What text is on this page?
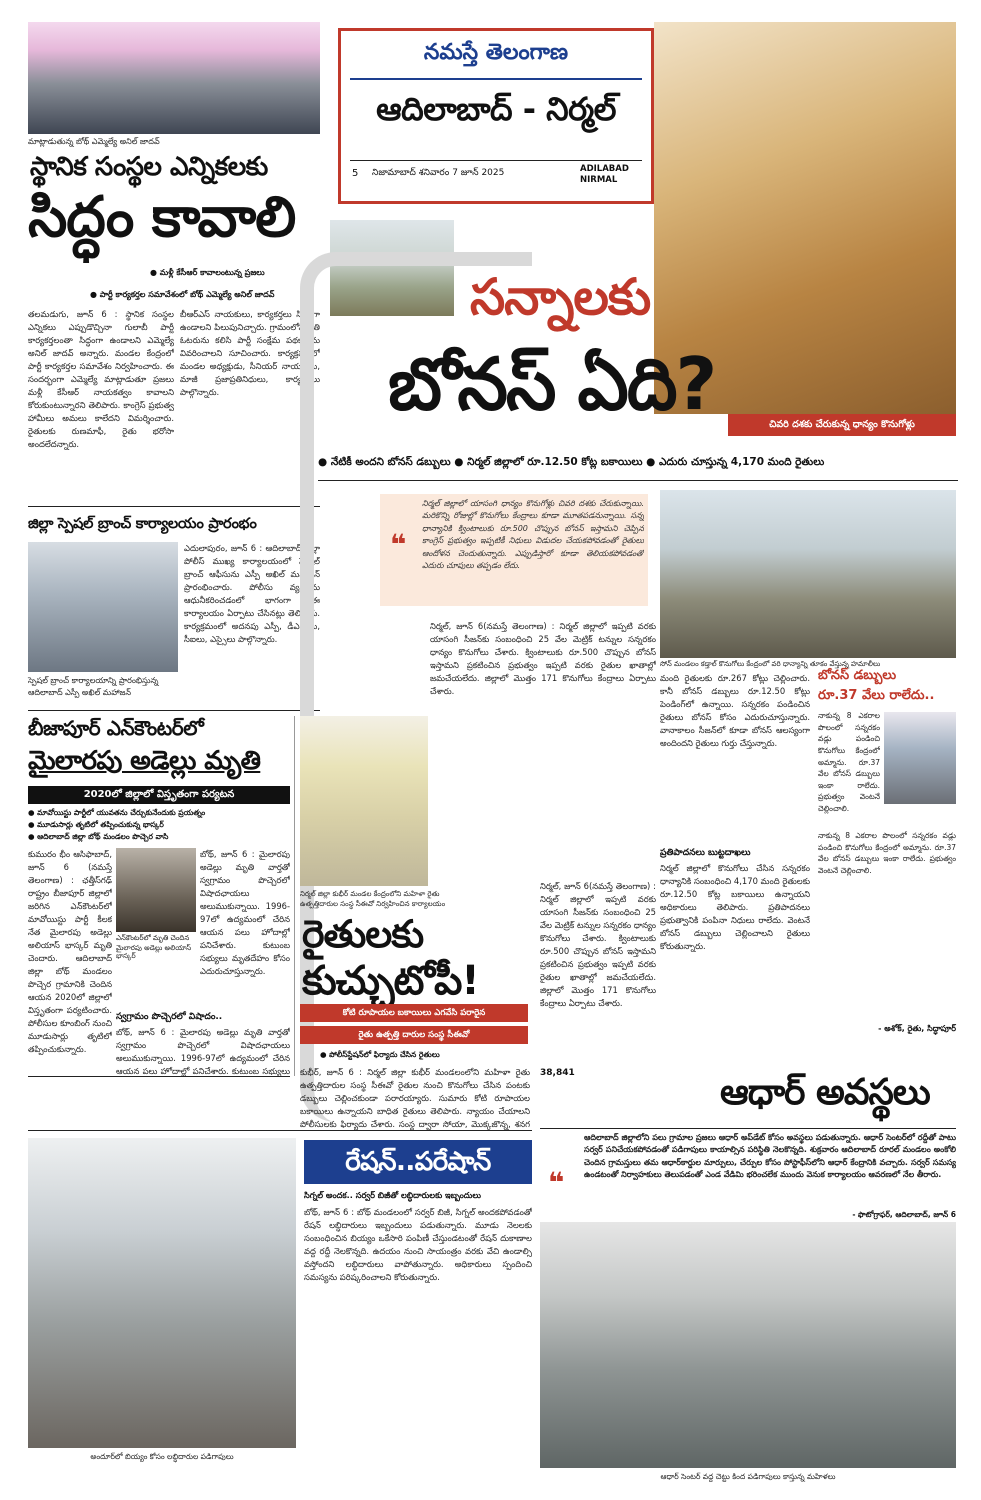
మాట్లాడుతున్న బోథ్ ఎమ్మెల్యే అనిల్ జాదవ్
స్థానిక సంస్థల ఎన్నికలకు
సిద్ధం కావాలి
● మళ్లీ కేసీఆర్ కావాలంటున్న ప్రజలు
● పార్టీ కార్యకర్తల సమావేశంలో బోథ్ ఎమ్మెల్యే అనిల్ జాదవ్
తలమడుగు, జూన్ 6 : స్థానిక సంస్థల ఎన్నికలు ఎప్పుడొచ్చినా గులాబీ పార్టీ కార్యకర్తలంతా సిద్ధంగా ఉండాలని ఎమ్మెల్యే అనిల్ జాదవ్ అన్నారు. మండల కేంద్రంలో పార్టీ కార్యకర్తల సమావేశం నిర్వహించారు. ఈ సందర్భంగా ఎమ్మెల్యే మాట్లాడుతూ ప్రజలు మళ్లీ కేసీఆర్ నాయకత్వం కావాలని కోరుకుంటున్నారని తెలిపారు. కాంగ్రెస్ ప్రభుత్వ హామీలు అమలు కాలేదని విమర్శించారు. రైతులకు రుణమాఫీ, రైతు భరోసా అందలేదన్నారు.
బీఆర్ఎస్ నాయకులు, కార్యకర్తలు సిద్ధంగా ఉండాలని పిలుపునిచ్చారు. గ్రామంలోని ప్రతి ఓటరును కలిసి పార్టీ సంక్షేమ పథకాలను వివరించాలని సూచించారు. కార్యక్రమంలో మండల అధ్యక్షుడు, సీనియర్ నాయకులు, మాజీ ప్రజాప్రతినిధులు, కార్యకర్తలు పాల్గొన్నారు.
జిల్లా స్పెషల్ బ్రాంచ్ కార్యాలయం ప్రారంభం
స్పెషల్ బ్రాంచ్ కార్యాలయాన్ని ప్రారంభిస్తున్న
ఆదిలాబాద్ ఎస్పీ అఖిల్ మహాజన్
ఎదులాపురం, జూన్ 6 : ఆదిలాబాద్ జిల్లా పోలీస్ ముఖ్య కార్యాలయంలో స్పెషల్ బ్రాంచ్ ఆఫీసును ఎస్పీ అఖిల్ మహాజన్ ప్రారంభించారు. పోలీసు వ్యవస్థను ఆధునీకరించడంలో భాగంగా ఈ కార్యాలయం ఏర్పాటు చేసినట్లు తెలిపారు. కార్యక్రమంలో అదనపు ఎస్పీ, డీఎస్పీలు, సీఐలు, ఎస్సైలు పాల్గొన్నారు.
బీజాపూర్ ఎన్‌కౌంటర్‌లో
మైలారపు అడెల్లు మృతి
2020లో జిల్లాలో విస్తృతంగా పర్యటన
● మావోయిస్టు పార్టీలో యువతను చేర్చుకునేందుకు ప్రయత్నం
● మూడుసార్లు తృటిలో తప్పించుకున్న భాస్కర్
● ఆదిలాబాద్ జిల్లా బోథ్ మండలం పొచ్చెర వాసి
కుమురం భీం ఆసిఫాబాద్, జూన్ 6 (నమస్తే తెలంగాణ) : ఛత్తీస్‌గఢ్ రాష్ట్రం బీజాపూర్ జిల్లాలో జరిగిన ఎన్‌కౌంటర్‌లో మావోయిస్టు పార్టీ కీలక నేత మైలారపు అడెల్లు అలియాస్ భాస్కర్ మృతి చెందారు. ఆదిలాబాద్ జిల్లా బోథ్ మండలం పొచ్చెర గ్రామానికి చెందిన ఆయన 2020లో జిల్లాలో విస్తృతంగా పర్యటించారు. పోలీసుల కూంబింగ్ నుంచి మూడుసార్లు తృటిలో తప్పించుకున్నారు.
ఎన్‌కౌంటర్‌లో మృతి చెందిన
మైలారపు అడెల్లు అలియాస్ భాస్కర్
బోథ్, జూన్ 6 : మైలారపు అడెల్లు మృతి వార్తతో స్వగ్రామం పొచ్చెరలో విషాదఛాయలు అలుముకున్నాయి. 1996-97లో ఉద్యమంలో చేరిన ఆయన పలు హోదాల్లో పనిచేశారు. కుటుంబ సభ్యులు మృతదేహం కోసం ఎదురుచూస్తున్నారు.
స్వగ్రామం పొచ్చెరలో విషాదం..
బోథ్, జూన్ 6 : మైలారపు అడెల్లు మృతి వార్తతో స్వగ్రామం పొచ్చెరలో విషాదఛాయలు అలుముకున్నాయి. 1996-97లో ఉద్యమంలో చేరిన ఆయన పలు హోదాల్లో పనిచేశారు. కుటుంబ సభ్యులు
నమస్తే తెలంగాణ
ఆదిలాబాద్ - నిర్మల్
5	నిజామాబాద్ శనివారం 7 జూన్ 2025	ADILABAD
NIRMAL
సన్నాలకు
బోనస్ ఏది?	చివరి దశకు చేరుకున్న ధాన్యం కొనుగోళ్లు
● నేటికీ అందని బోనస్ డబ్బులు ● నిర్మల్ జిల్లాలో రూ.12.50 కోట్ల బకాయిలు ● ఎదురు చూస్తున్న 4,170 మంది రైతులు
❝
నిర్మల్ జిల్లాలో యాసంగి ధాన్యం కొనుగోళ్లు చివరి దశకు చేరుకున్నాయి. మరికొన్ని రోజుల్లో కొనుగోలు కేంద్రాలు కూడా మూతపడనున్నాయి. సన్న ధాన్యానికి క్వింటాలుకు రూ.500 చొప్పున బోనస్ ఇస్తామని చెప్పిన కాంగ్రెస్ ప్రభుత్వం ఇప్పటికీ నిధులు విడుదల చేయకపోవడంతో రైతులు ఆందోళన చెందుతున్నారు. ఎప్పుడిస్తారో కూడా తెలియకపోవడంతో ఎదురు చూపులు తప్పడం లేదు.
సోన్ మండలం కడ్తాల్ కొనుగోలు కేంద్రంలో వరి ధాన్యాన్ని తూకం వేస్తున్న హమాలీలు
నిర్మల్, జూన్ 6(నమస్తే తెలంగాణ) : నిర్మల్ జిల్లాలో ఇప్పటి వరకు యాసంగి సీజన్‌కు సంబంధించి 25 వేల మెట్రిక్ టన్నుల సన్నరకం ధాన్యం కొనుగోలు చేశారు. క్వింటాలుకు రూ.500 చొప్పున బోనస్ ఇస్తామని ప్రకటించిన ప్రభుత్వం ఇప్పటి వరకు రైతుల ఖాతాల్లో జమచేయలేదు. జిల్లాలో మొత్తం 171 కొనుగోలు కేంద్రాలు ఏర్పాటు చేశారు.
మంది రైతులకు రూ.267 కోట్లు చెల్లించారు. కానీ బోనస్ డబ్బులు రూ.12.50 కోట్లు పెండింగ్‌లో ఉన్నాయి. సన్నరకం పండించిన రైతులు బోనస్ కోసం ఎదురుచూస్తున్నారు. వానాకాలం సీజన్‌లో కూడా బోనస్ ఆలస్యంగా అందిందని రైతులు గుర్తు చేస్తున్నారు.
ప్రతిపాదనలు బుట్టదాఖలు
నిర్మల్ జిల్లాలో కొనుగోలు చేసిన సన్నరకం ధాన్యానికి సంబంధించి 4,170 మంది రైతులకు రూ.12.50 కోట్ల బకాయిలు ఉన్నాయని అధికారులు తెలిపారు. ప్రతిపాదనలు ప్రభుత్వానికి పంపినా నిధులు రాలేదు. వెంటనే బోనస్ డబ్బులు చెల్లించాలని రైతులు కోరుతున్నారు.
నిర్మల్, జూన్ 6(నమస్తే తెలంగాణ) : నిర్మల్ జిల్లాలో ఇప్పటి వరకు యాసంగి సీజన్‌కు సంబంధించి 25 వేల మెట్రిక్ టన్నుల సన్నరకం ధాన్యం కొనుగోలు చేశారు. క్వింటాలుకు రూ.500 చొప్పున బోనస్ ఇస్తామని ప్రకటించిన ప్రభుత్వం ఇప్పటి వరకు రైతుల ఖాతాల్లో జమచేయలేదు. జిల్లాలో మొత్తం 171 కొనుగోలు కేంద్రాలు ఏర్పాటు చేశారు.
38,841
బోనస్ డబ్బులు
రూ.37 వేలు రాలేదు..
నాకున్న 8 ఎకరాల పొలంలో సన్నరకం వడ్లు పండించి కొనుగోలు కేంద్రంలో అమ్మాను. రూ.37 వేల బోనస్ డబ్బులు ఇంకా రాలేదు. ప్రభుత్వం వెంటనే చెల్లించాలి.
నాకున్న 8 ఎకరాల పొలంలో సన్నరకం వడ్లు పండించి కొనుగోలు కేంద్రంలో అమ్మాను. రూ.37 వేల బోనస్ డబ్బులు ఇంకా రాలేదు. ప్రభుత్వం వెంటనే చెల్లించాలి.
- అశోక్, రైతు, సిద్ధాపూర్
నిర్మల్ జిల్లా కుభీర్ మండల కేంద్రంలోని మహిళా రైతు
ఉత్పత్తిదారుల సంస్థ సీఈవో నిర్వహించిన కార్యాలయం
రైతులకు
కుచ్చుటోపీ!
కోటి రూపాయల బకాయిలు ఎగవేసి పరారైన
రైతు ఉత్పత్తి దారుల సంస్థ సీఈవో
● పోలీస్‌స్టేషన్‌లో ఫిర్యాదు చేసిన రైతులు
కుభీర్, జూన్ 6 : నిర్మల్ జిల్లా కుభీర్ మండలంలోని మహిళా రైతు ఉత్పత్తిదారుల సంస్థ సీఈవో రైతుల నుంచి కొనుగోలు చేసిన పంటకు డబ్బులు చెల్లించకుండా పరారయ్యారు. సుమారు కోటి రూపాయల బకాయిలు ఉన్నాయని బాధిత రైతులు తెలిపారు. న్యాయం చేయాలని పోలీసులకు ఫిర్యాదు చేశారు. సంస్థ ద్వారా సోయా, మొక్కజొన్న, శనగ
ఆధార్ అవస్థలు
❝
ఆదిలాబాద్ జిల్లాలోని పలు గ్రామాల ప్రజలు ఆధార్ అప్‌డేట్ కోసం అవస్థలు పడుతున్నారు. ఆధార్ సెంటర్‌లో రద్దీతో పాటు సర్వర్ పనిచేయకపోవడంతో పడిగాపులు కాయాల్సిన పరిస్థితి నెలకొన్నది. శుక్రవారం ఆదిలాబాద్ రూరల్ మండలం అంకోలి చెందిన గ్రామస్తులు తమ ఆధార్‌కార్డుల మార్పులు, చేర్పుల కోసం పోస్టాఫీస్‌లోని ఆధార్ కేంద్రానికి వచ్చారు. సర్వర్ సమస్య ఉండటంతో నిర్వాహకులు తెలుపడంతో ఎండ వేడిమి భరించలేక ముందు వెనుక కార్యాలయం ఆవరణలో నేల తీరారు.
- ఫొటోగ్రాఫర్, ఆదిలాబాద్, జూన్ 6
ఆధార్ సెంటర్ వద్ద చెట్టు కింద పడిగాపులు కాస్తున్న మహిళలు
అందూర్‌లో బియ్యం కోసం లబ్ధిదారుల పడిగాపులు
రేషన్..పరేషాన్
సిగ్నల్ అందక.. సర్వర్ బిజీతో లబ్ధిదారులకు ఇబ్బందులు
బోథ్, జూన్ 6 : బోథ్ మండలంలో సర్వర్ బిజీ, సిగ్నల్ అందకపోవడంతో రేషన్ లబ్ధిదారులు ఇబ్బందులు పడుతున్నారు. మూడు నెలలకు సంబంధించిన బియ్యం ఒకేసారి పంపిణీ చేస్తుండటంతో రేషన్ దుకాణాల వద్ద రద్దీ నెలకొన్నది. ఉదయం నుంచి సాయంత్రం వరకు వేచి ఉండాల్సి వస్తోందని లబ్ధిదారులు వాపోతున్నారు. అధికారులు స్పందించి సమస్యను పరిష్కరించాలని కోరుతున్నారు.
